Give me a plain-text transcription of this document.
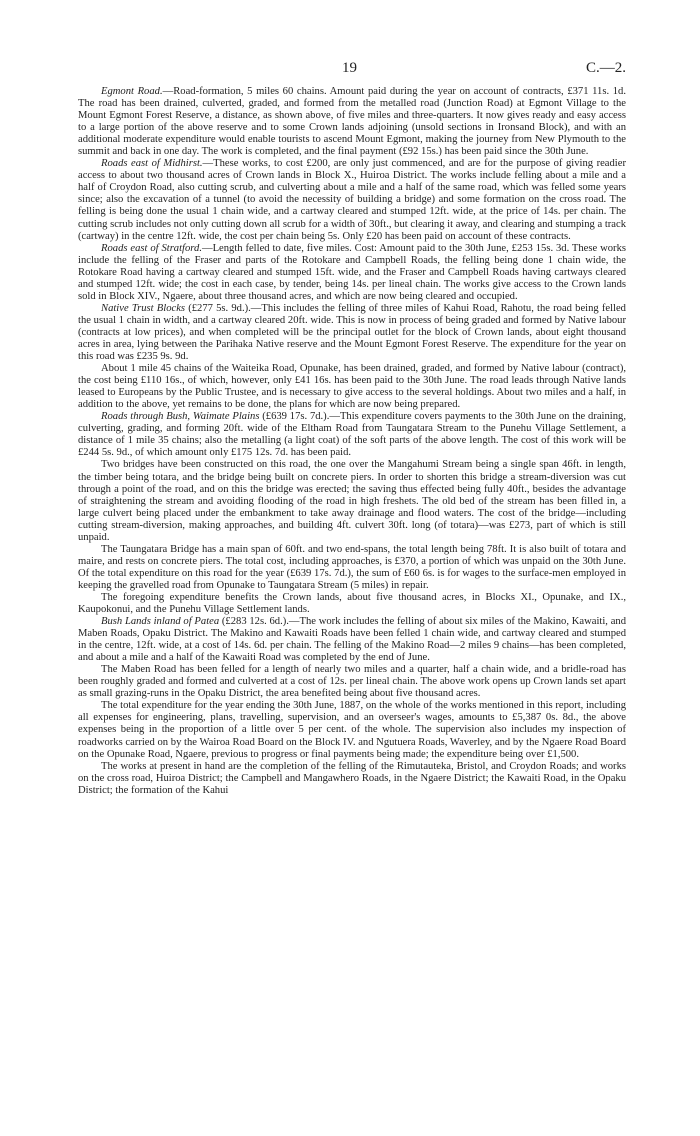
19	C.—2.

Egmont Road.—Road-formation, 5 miles 60 chains. Amount paid during the year on account of contracts, £371 11s. 1d. The road has been drained, culverted, graded, and formed from the metalled road (Junction Road) at Egmont Village to the Mount Egmont Forest Reserve, a distance, as shown above, of five miles and three-quarters. It now gives ready and easy access to a large portion of the above reserve and to some Crown lands adjoining (unsold sections in Ironsand Block), and with an additional moderate expenditure would enable tourists to ascend Mount Egmont, making the journey from New Plymouth to the summit and back in one day. The work is completed, and the final payment (£92 15s.) has been paid since the 30th June.

Roads east of Midhirst.—These works, to cost £200, are only just commenced, and are for the purpose of giving readier access to about two thousand acres of Crown lands in Block X., Huiroa District. The works include felling about a mile and a half of Croydon Road, also cutting scrub, and culverting about a mile and a half of the same road, which was felled some years since; also the excavation of a tunnel (to avoid the necessity of building a bridge) and some formation on the cross road. The felling is being done the usual 1 chain wide, and a cartway cleared and stumped 12ft. wide, at the price of 14s. per chain. The cutting scrub includes not only cutting down all scrub for a width of 30ft., but clearing it away, and clearing and stumping a track (cartway) in the centre 12ft. wide, the cost per chain being 5s. Only £20 has been paid on account of these contracts.

Roads east of Stratford.—Length felled to date, five miles. Cost: Amount paid to the 30th June, £253 15s. 3d. These works include the felling of the Fraser and parts of the Rotokare and Campbell Roads, the felling being done 1 chain wide, the Rotokare Road having a cartway cleared and stumped 15ft. wide, and the Fraser and Campbell Roads having cartways cleared and stumped 12ft. wide; the cost in each case, by tender, being 14s. per lineal chain. The works give access to the Crown lands sold in Block XIV., Ngaere, about three thousand acres, and which are now being cleared and occupied.

Native Trust Blocks (£277 5s. 9d.).—This includes the felling of three miles of Kahui Road, Rahotu, the road being felled the usual 1 chain in width, and a cartway cleared 20ft. wide. This is now in process of being graded and formed by Native labour (contracts at low prices), and when completed will be the principal outlet for the block of Crown lands, about eight thousand acres in area, lying between the Parihaka Native reserve and the Mount Egmont Forest Reserve. The expenditure for the year on this road was £235 9s. 9d.

About 1 mile 45 chains of the Waiteika Road, Opunake, has been drained, graded, and formed by Native labour (contract), the cost being £110 16s., of which, however, only £41 16s. has been paid to the 30th June. The road leads through Native lands leased to Europeans by the Public Trustee, and is necessary to give access to the several holdings. About two miles and a half, in addition to the above, yet remains to be done, the plans for which are now being prepared.

Roads through Bush, Waimate Plains (£639 17s. 7d.).—This expenditure covers payments to the 30th June on the draining, culverting, grading, and forming 20ft. wide of the Eltham Road from Taungatara Stream to the Punehu Village Settlement, a distance of 1 mile 35 chains; also the metalling (a light coat) of the soft parts of the above length. The cost of this work will be £244 5s. 9d., of which amount only £175 12s. 7d. has been paid.

Two bridges have been constructed on this road, the one over the Mangahumi Stream being a single span 46ft. in length, the timber being totara, and the bridge being built on concrete piers. In order to shorten this bridge a stream-diversion was cut through a point of the road, and on this the bridge was erected; the saving thus effected being fully 40ft., besides the advantage of straightening the stream and avoiding flooding of the road in high freshets. The old bed of the stream has been filled in, a large culvert being placed under the embankment to take away drainage and flood waters. The cost of the bridge—including cutting stream-diversion, making approaches, and building 4ft. culvert 30ft. long (of totara)—was £273, part of which is still unpaid.

The Taungatara Bridge has a main span of 60ft. and two end-spans, the total length being 78ft. It is also built of totara and maire, and rests on concrete piers. The total cost, including approaches, is £370, a portion of which was unpaid on the 30th June. Of the total expenditure on this road for the year (£639 17s. 7d.), the sum of £60 6s. is for wages to the surface-men employed in keeping the gravelled road from Opunake to Taungatara Stream (5 miles) in repair.

The foregoing expenditure benefits the Crown lands, about five thousand acres, in Blocks XI., Opunake, and IX., Kaupokonui, and the Punehu Village Settlement lands.

Bush Lands inland of Patea (£283 12s. 6d.).—The work includes the felling of about six miles of the Makino, Kawaiti, and Maben Roads, Opaku District. The Makino and Kawaiti Roads have been felled 1 chain wide, and cartway cleared and stumped in the centre, 12ft. wide, at a cost of 14s. 6d. per chain. The felling of the Makino Road—2 miles 9 chains—has been completed, and about a mile and a half of the Kawaiti Road was completed by the end of June.

The Maben Road has been felled for a length of nearly two miles and a quarter, half a chain wide, and a bridle-road has been roughly graded and formed and culverted at a cost of 12s. per lineal chain. The above work opens up Crown lands set apart as small grazing-runs in the Opaku District, the area benefited being about five thousand acres.

The total expenditure for the year ending the 30th June, 1887, on the whole of the works mentioned in this report, including all expenses for engineering, plans, travelling, supervision, and an overseer's wages, amounts to £5,387 0s. 8d., the above expenses being in the proportion of a little over 5 per cent. of the whole. The supervision also includes my inspection of roadworks carried on by the Wairoa Road Board on the Block IV. and Ngutuera Roads, Waverley, and by the Ngaere Road Board on the Opunake Road, Ngaere, previous to progress or final payments being made; the expenditure being over £1,500.

The works at present in hand are the completion of the felling of the Rimutauteka, Bristol, and Croydon Roads; and works on the cross road, Huiroa District; the Campbell and Mangawhero Roads, in the Ngaere District; the Kawaiti Road, in the Opaku District; the formation of the Kahui
